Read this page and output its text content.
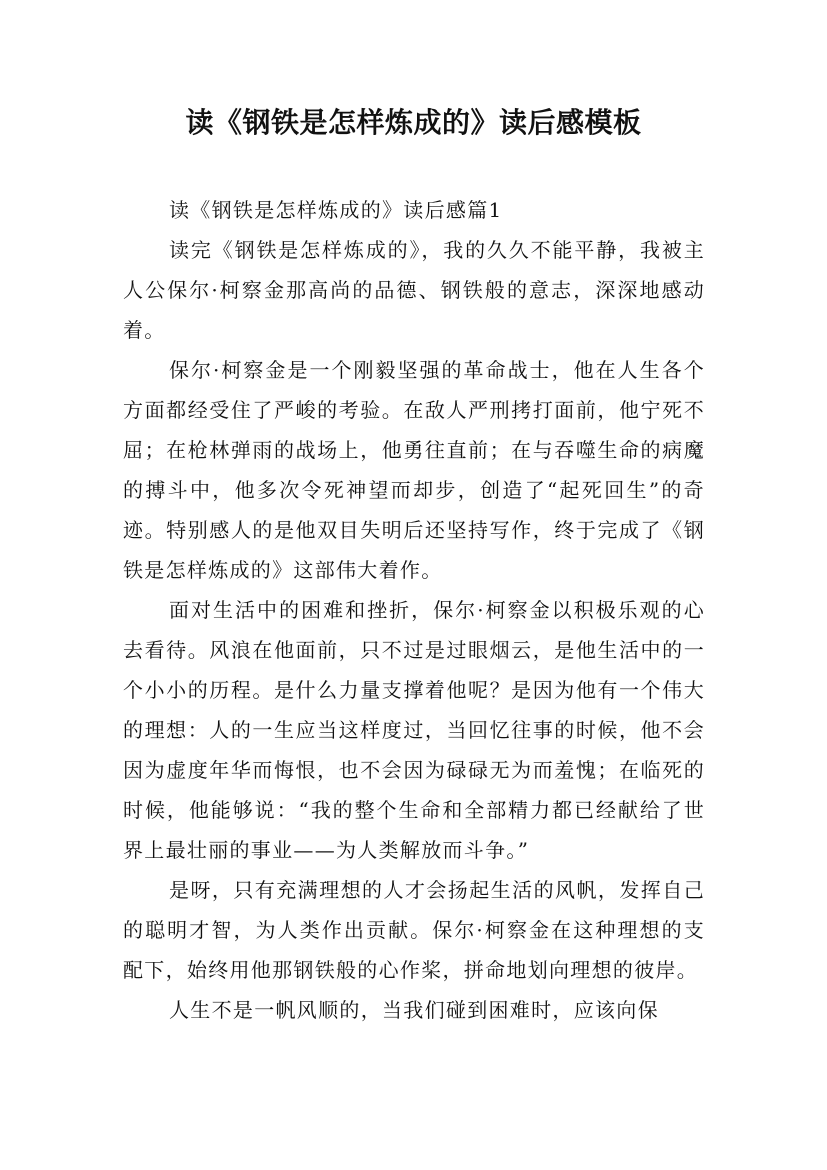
读《钢铁是怎样炼成的》读后感模板

读《钢铁是怎样炼成的》读后感篇1

读完《钢铁是怎样炼成的》，我的久久不能平静，我被主人公保尔·柯察金那高尚的品德、钢铁般的意志，深深地感动着。

保尔·柯察金是一个刚毅坚强的革命战士，他在人生各个方面都经受住了严峻的考验。在敌人严刑拷打面前，他宁死不屈；在枪林弹雨的战场上，他勇往直前；在与吞噬生命的病魔的搏斗中，他多次令死神望而却步，创造了“起死回生”的奇迹。特别感人的是他双目失明后还坚持写作，终于完成了《钢铁是怎样炼成的》这部伟大着作。

面对生活中的困难和挫折，保尔·柯察金以积极乐观的心去看待。风浪在他面前，只不过是过眼烟云，是他生活中的一个小小的历程。是什么力量支撑着他呢？是因为他有一个伟大的理想：人的一生应当这样度过，当回忆往事的时候，他不会因为虚度年华而悔恨，也不会因为碌碌无为而羞愧；在临死的时候，他能够说：“我的整个生命和全部精力都已经献给了世界上最壮丽的事业——为人类解放而斗争。”

是呀，只有充满理想的人才会扬起生活的风帆，发挥自己的聪明才智，为人类作出贡献。保尔·柯察金在这种理想的支配下，始终用他那钢铁般的心作桨，拼命地划向理想的彼岸。

人生不是一帆风顺的，当我们碰到困难时，应该向保
